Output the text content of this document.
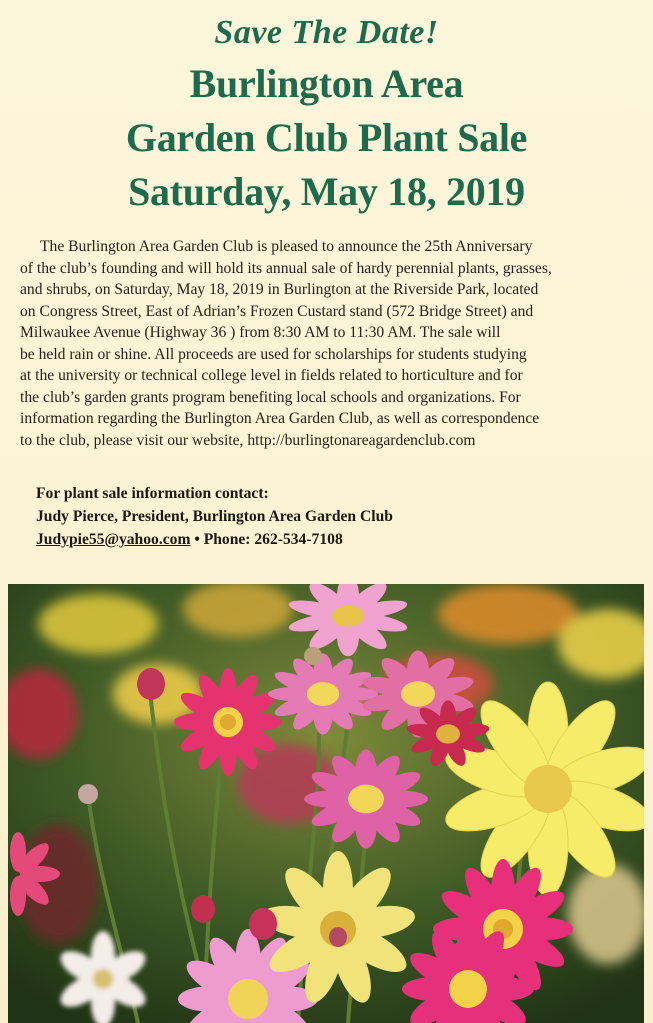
Save The Date!
Burlington Area
Garden Club Plant Sale
Saturday, May 18, 2019
The Burlington Area Garden Club is pleased to announce the 25th Anniversary
of the club’s founding and will hold its annual sale of hardy perennial plants, grasses,
and shrubs, on Saturday, May 18, 2019 in Burlington at the Riverside Park, located
on Congress Street, East of Adrian’s Frozen Custard stand (572 Bridge Street) and
Milwaukee Avenue (Highway 36 ) from 8:30 AM to 11:30 AM. The sale will
be held rain or shine. All proceeds are used for scholarships for students studying
at the university or technical college level in fields related to horticulture and for
the club’s garden grants program benefiting local schools and organizations. For
information regarding the Burlington Area Garden Club, as well as correspondence
to the club, please visit our website, http://burlingtonareagardenclub.com
For plant sale information contact:
Judy Pierce, President, Burlington Area Garden Club
Judypie55@yahoo.com • Phone: 262-534-7108
